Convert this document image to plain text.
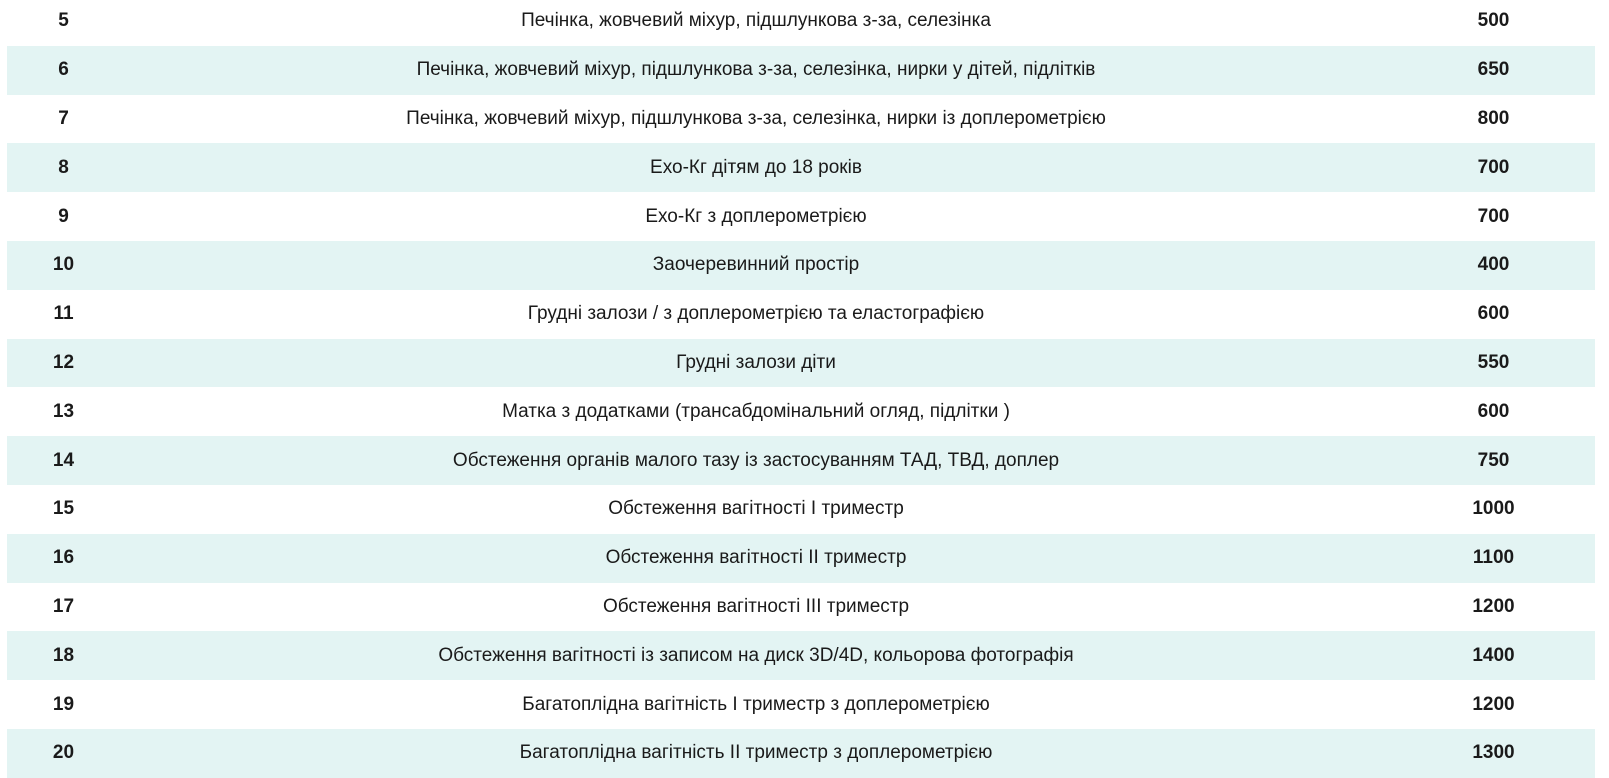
5	Печінка, жовчевий міхур, підшлункова з-за, селезінка	500
6	Печінка, жовчевий міхур, підшлункова з-за, селезінка, нирки у дітей, підлітків	650
7	Печінка, жовчевий міхур, підшлункова з-за, селезінка, нирки із доплерометрією	800
8	Ехо-Кг дітям до 18 років	700
9	Ехо-Кг з доплерометрією	700
10	Заочеревинний простір	400
11	Грудні залози / з доплерометрією та еластографією	600
12	Грудні залози діти	550
13	Матка з додатками (трансабдомінальний огляд, підлітки )	600
14	Обстеження органів малого тазу із застосуванням ТАД, ТВД, доплер	750
15	Обстеження вагітності І триместр	1000
16	Обстеження вагітності ІІ триместр	1100
17	Обстеження вагітності ІІІ триместр	1200
18	Обстеження вагітності із записом на диск 3D/4D, кольорова фотографія	1400
19	Багатоплідна вагітність І триместр з доплерометрією	1200
20	Багатоплідна вагітність ІІ триместр з доплерометрією	1300
